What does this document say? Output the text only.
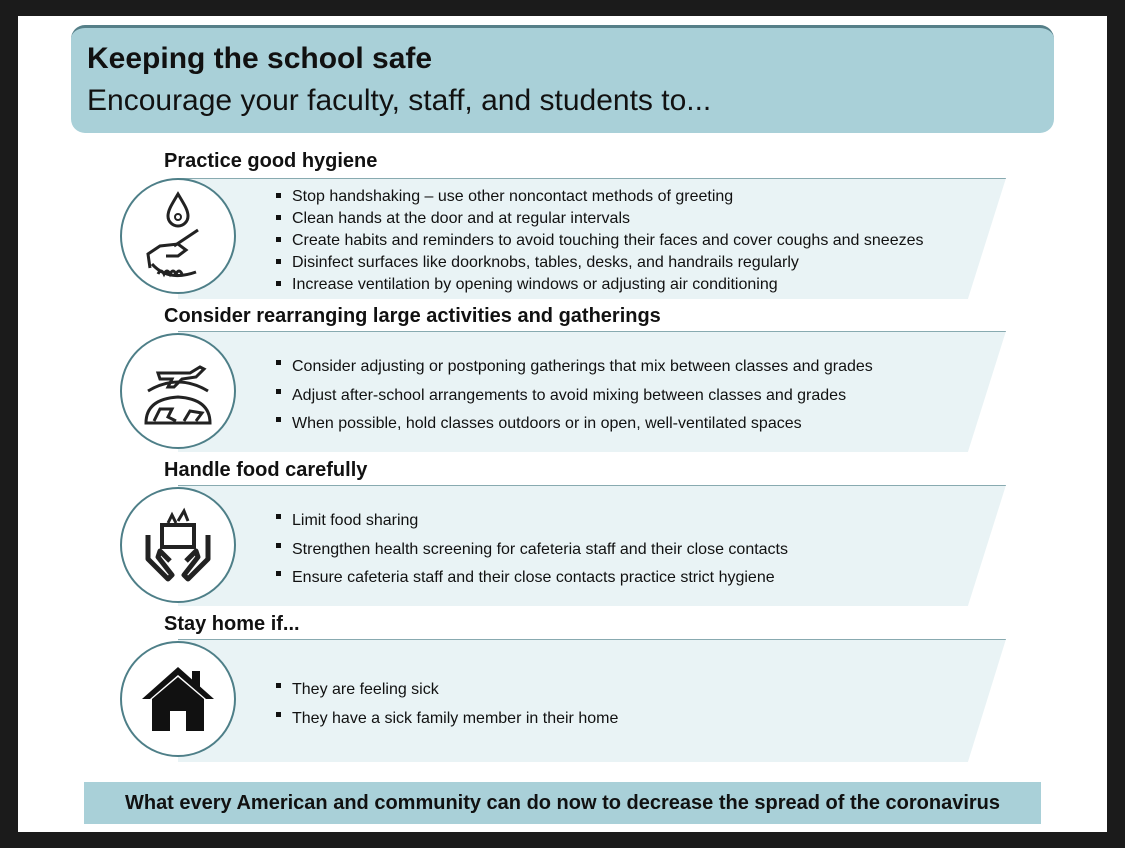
Keeping the school safe
Encourage your faculty, staff, and students to...
Practice good hygiene
Stop handshaking – use other noncontact methods of greeting
Clean hands at the door and at regular intervals
Create habits and reminders to avoid touching their faces and cover coughs and sneezes
Disinfect surfaces like doorknobs, tables, desks, and handrails regularly
Increase ventilation by opening windows or adjusting air conditioning
Consider rearranging large activities and gatherings
Consider adjusting or postponing gatherings that mix between classes and grades
Adjust after-school arrangements to avoid mixing between classes and grades
When possible, hold classes outdoors or in open, well-ventilated spaces
Handle food carefully
Limit food sharing
Strengthen health screening for cafeteria staff and their close contacts
Ensure cafeteria staff and their close contacts practice strict hygiene
Stay home if...
They are feeling sick
They have a sick family member in their home
What every American and community can do now to decrease the spread of the coronavirus
